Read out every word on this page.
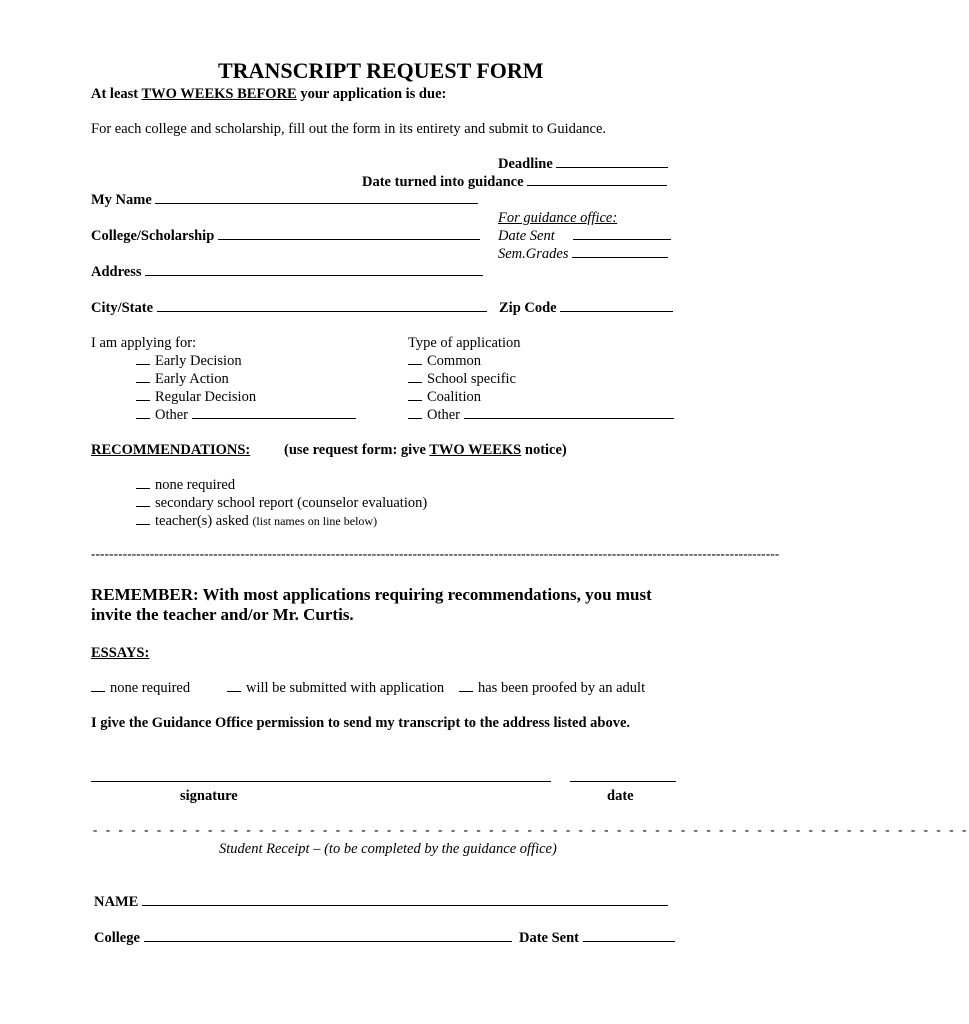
TRANSCRIPT REQUEST FORM
At least TWO WEEKS BEFORE your application is due:
For each college and scholarship, fill out the form in its entirety and submit to Guidance.
Deadline
Date turned into guidance
My Name
For guidance office:
Date Sent
Sem.Grades
College/Scholarship
Address
City/State	Zip Code
I am applying for:
Early Decision
Early Action
Regular Decision
Other
Type of application
Common
School specific
Coalition
Other
RECOMMENDATIONS: (use request form: give TWO WEEKS notice)
none required
secondary school report (counselor evaluation)
teacher(s) asked (list names on line below)
--------------------------------------------------------------------------------------------------------------------------------------------------------
REMEMBER: With most applications requiring recommendations, you must invite the teacher and/or Mr. Curtis.
ESSAYS:
none required	will be submitted with application	has been proofed by an adult
I give the Guidance Office permission to send my transcript to the address listed above.
signature	date
- - - - - - - - - - - - - - - - - - - - - - - - - - - - - - - - - - - - - - - - - - - - - - - - - - - - - - - - - - - - - - - - - - - - -
Student Receipt – (to be completed by the guidance office)
NAME
College	Date Sent
